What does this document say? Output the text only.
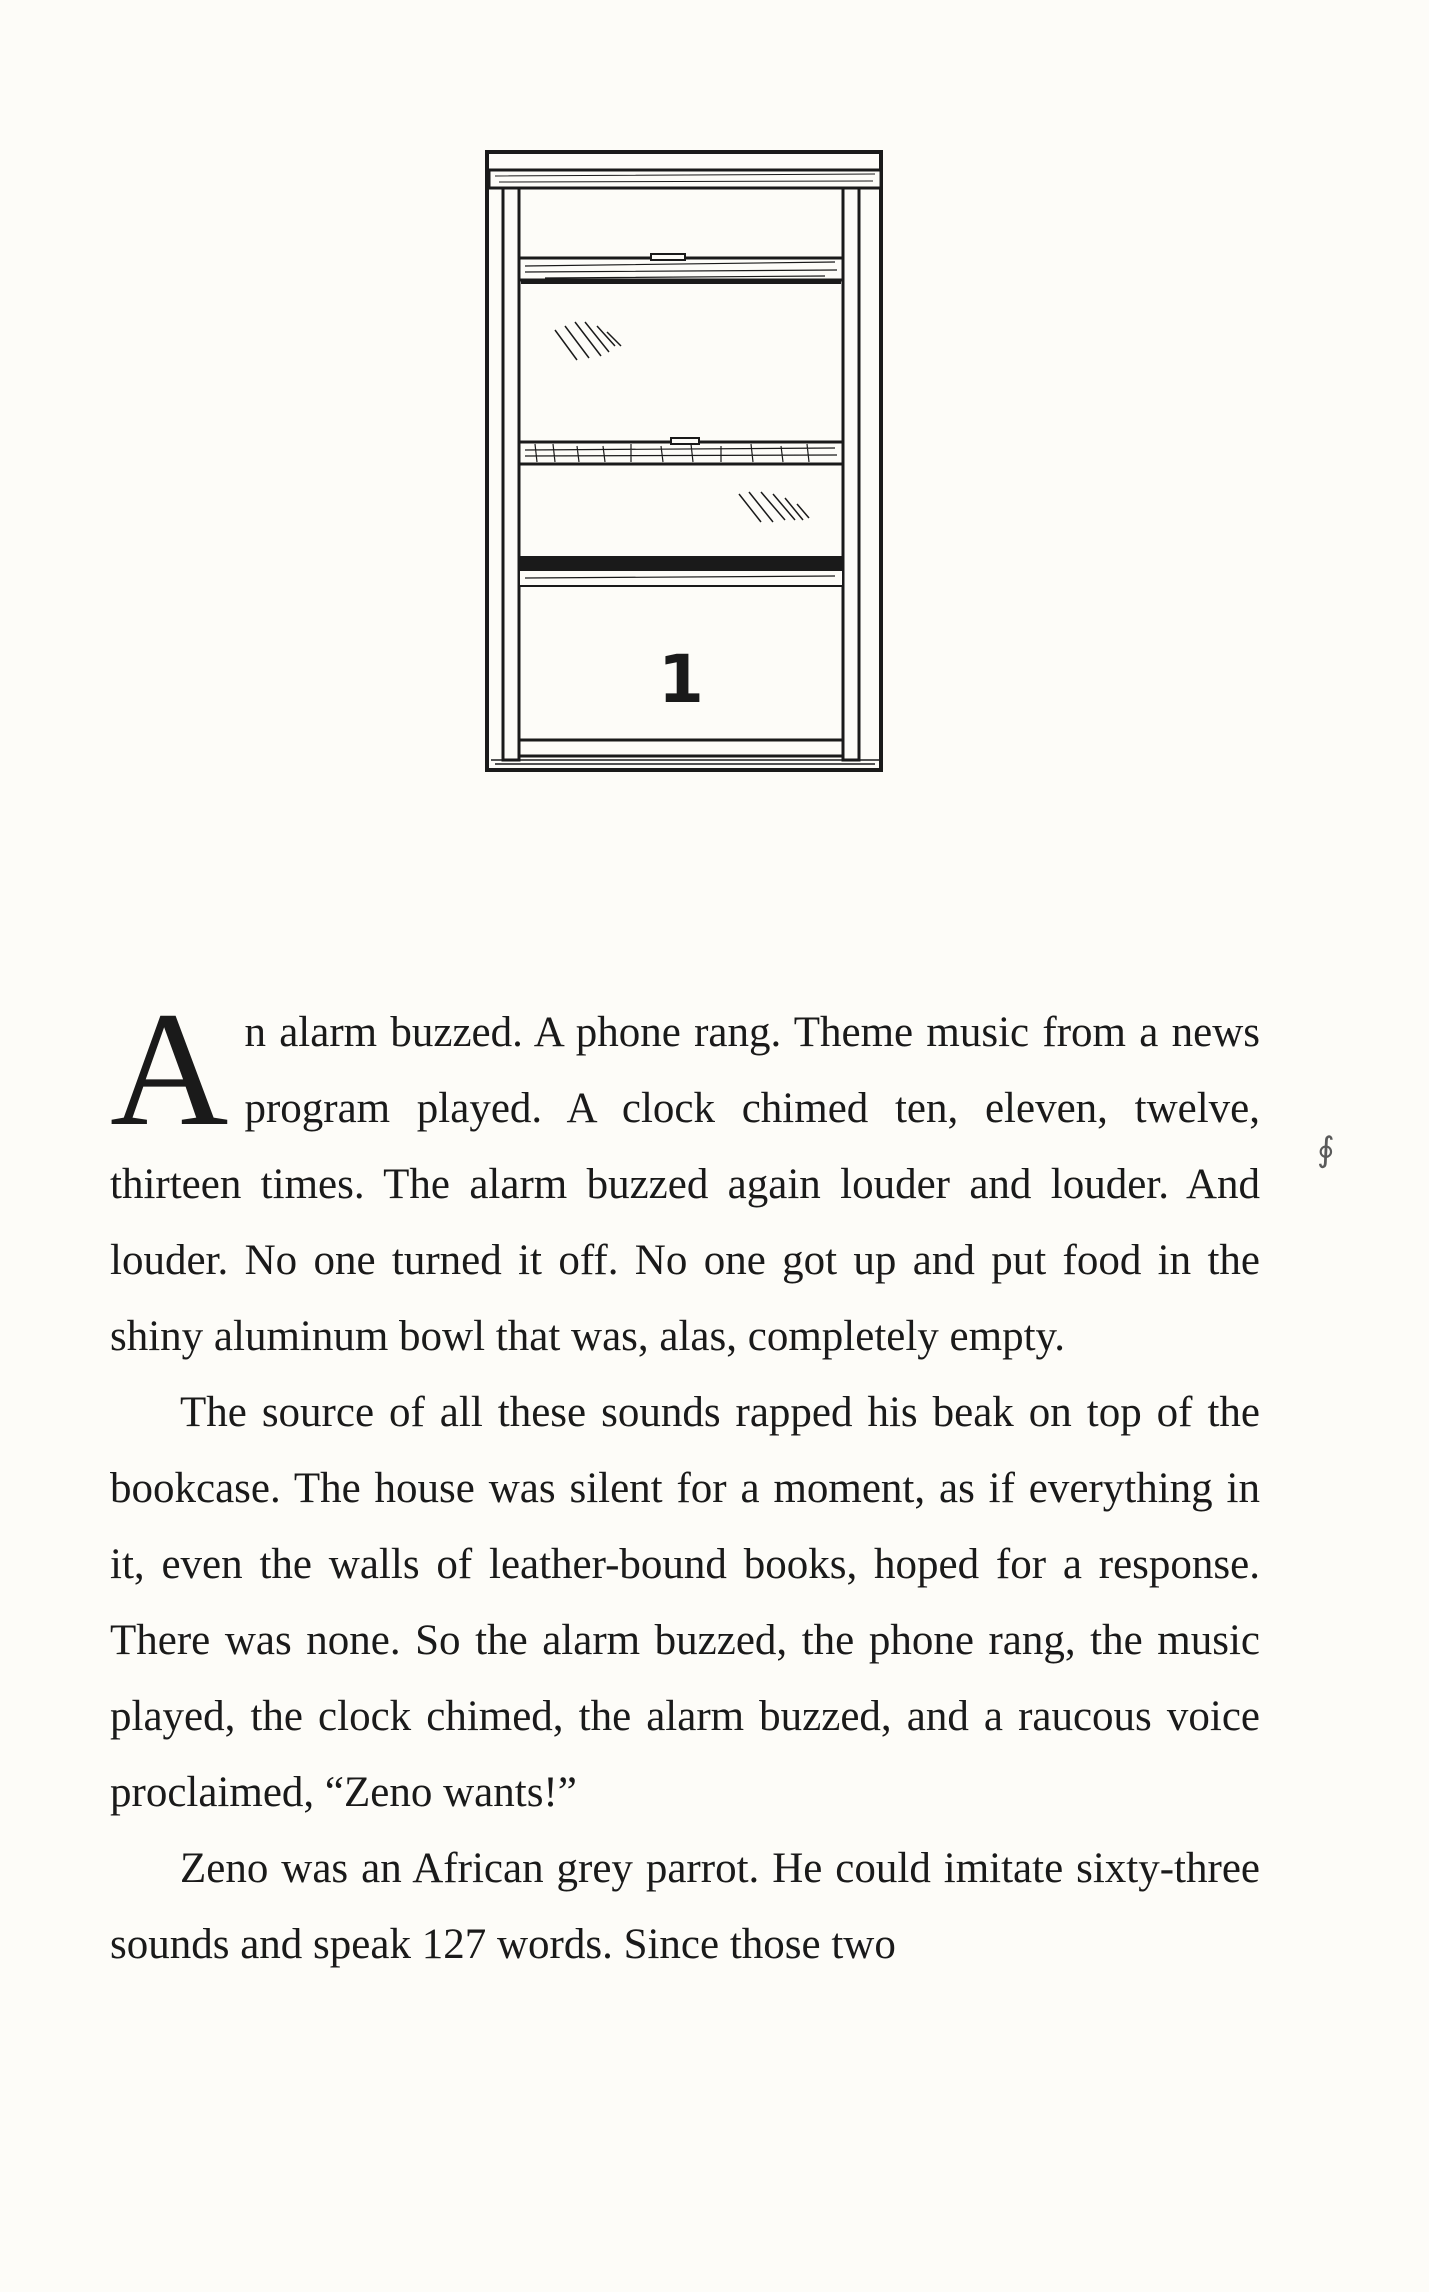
1

A n alarm buzzed. A phone rang. Theme music from a news program played. A clock chimed ten, eleven, twelve, thirteen times. The alarm buzzed again louder and louder. And louder. No one turned it off. No one got up and put food in the shiny aluminum bowl that was, alas, completely empty.

The source of all these sounds rapped his beak on top of the bookcase. The house was silent for a moment, as if everything in it, even the walls of leather-bound books, hoped for a response. There was none. So the alarm buzzed, the phone rang, the music played, the clock chimed, the alarm buzzed, and a raucous voice proclaimed, “Zeno wants!”

Zeno was an African grey parrot. He could imitate sixty-three sounds and speak 127 words. Since those two

∮
